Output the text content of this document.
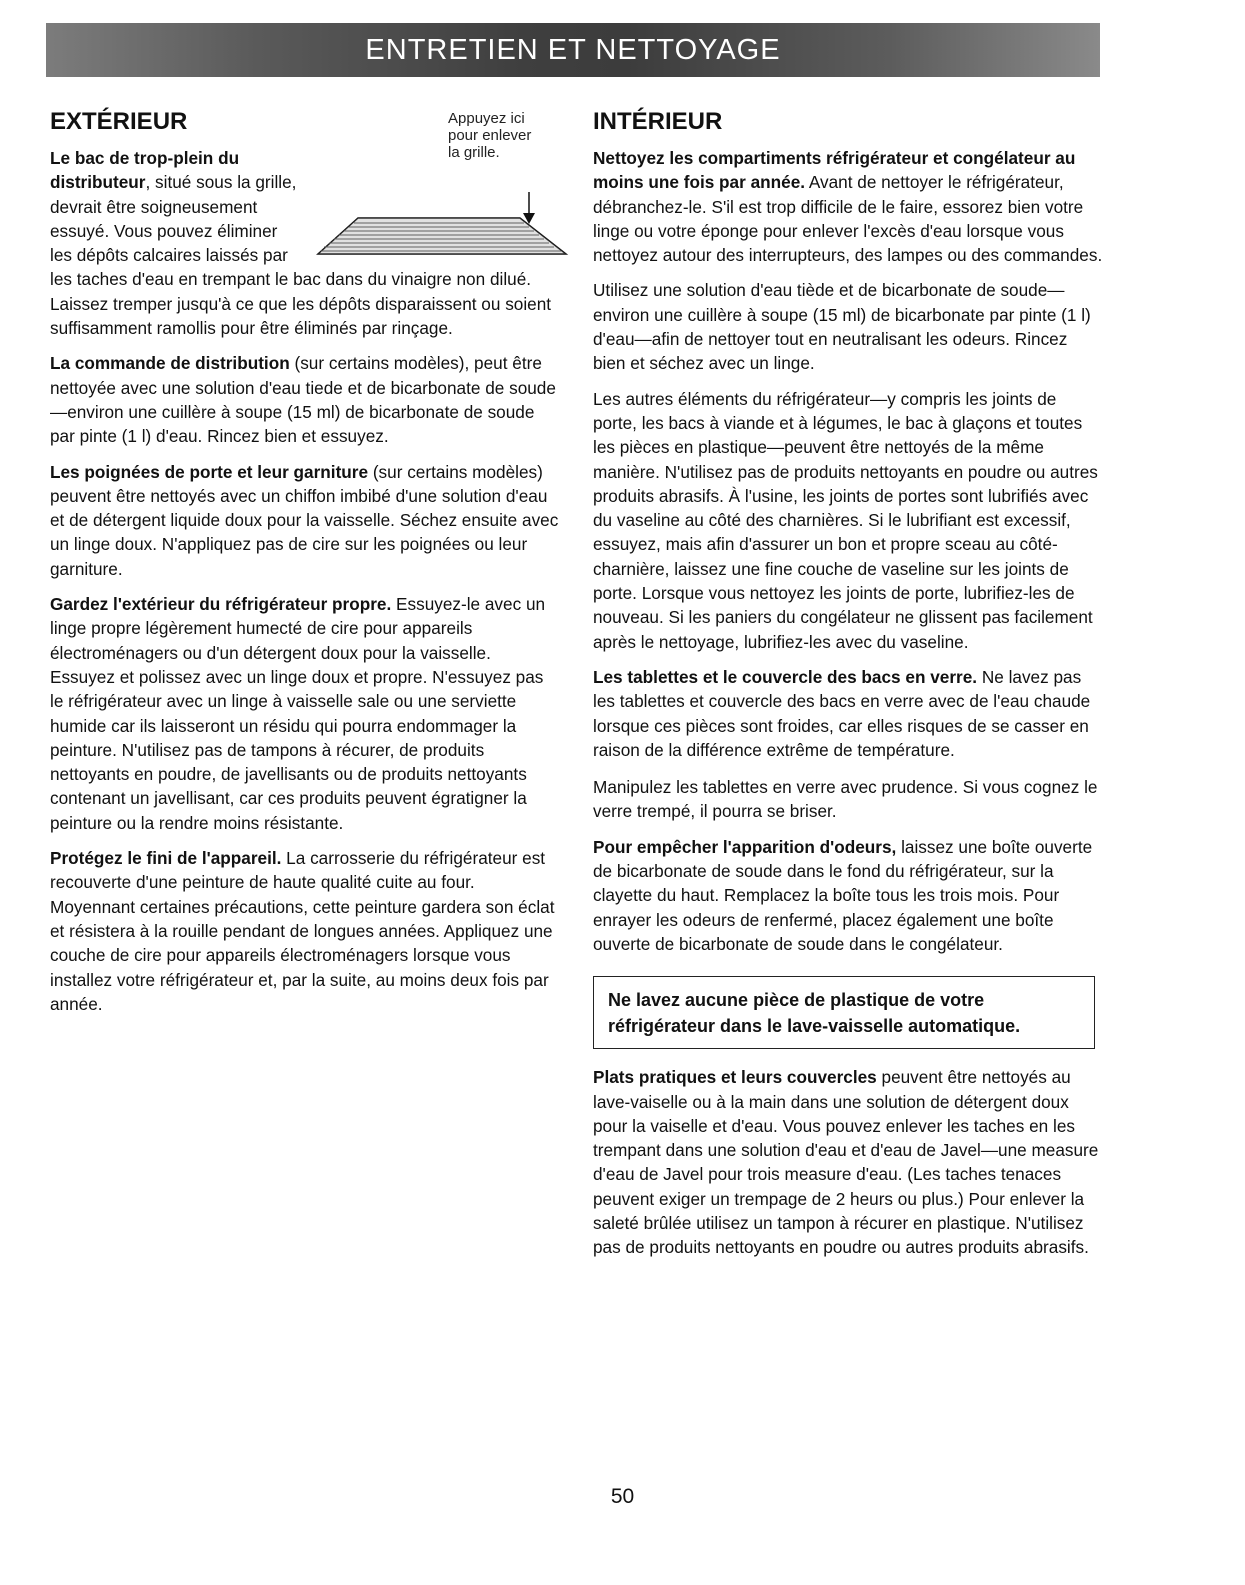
ENTRETIEN ET NETTOYAGE
EXTÉRIEUR	Appuyez ici
pour enlever
la grille.

Le bac de trop-plein du distributeur, situé sous la grille, devrait être soigneusement essuyé. Vous pouvez éliminer les dépôts calcaires laissés par les taches d'eau en trempant le bac dans du vinaigre non dilué. Laissez tremper jusqu'à ce que les dépôts disparaissent ou soient suffisamment ramollis pour être éliminés par rinçage.

La commande de distribution (sur certains modèles), peut être nettoyée avec une solution d'eau tiede et de bicarbonate de soude—environ une cuillère à soupe (15 ml) de bicarbonate de soude par pinte (1 l) d'eau. Rincez bien et essuyez.

Les poignées de porte et leur garniture (sur certains modèles) peuvent être nettoyés avec un chiffon imbibé d'une solution d'eau et de détergent liquide doux pour la vaisselle. Séchez ensuite avec un linge doux. N'appliquez pas de cire sur les poignées ou leur garniture.

Gardez l'extérieur du réfrigérateur propre. Essuyez-le avec un linge propre légèrement humecté de cire pour appareils électroménagers ou d'un détergent doux pour la vaisselle. Essuyez et polissez avec un linge doux et propre. N'essuyez pas le réfrigérateur avec un linge à vaisselle sale ou une serviette humide car ils laisseront un résidu qui pourra endommager la peinture. N'utilisez pas de tampons à récurer, de produits nettoyants en poudre, de javellisants ou de produits nettoyants contenant un javellisant, car ces produits peuvent égratigner la peinture ou la rendre moins résistante.

Protégez le fini de l'appareil. La carrosserie du réfrigérateur est recouverte d'une peinture de haute qualité cuite au four. Moyennant certaines précautions, cette peinture gardera son éclat et résistera à la rouille pendant de longues années. Appliquez une couche de cire pour appareils électroménagers lorsque vous installez votre réfrigérateur et, par la suite, au moins deux fois par année.

INTÉRIEUR

Nettoyez les compartiments réfrigérateur et congélateur au moins une fois par année. Avant de nettoyer le réfrigérateur, débranchez-le. S'il est trop difficile de le faire, essorez bien votre linge ou votre éponge pour enlever l'excès d'eau lorsque vous nettoyez autour des interrupteurs, des lampes ou des commandes.

Utilisez une solution d'eau tiède et de bicarbonate de soude—environ une cuillère à soupe (15 ml) de bicarbonate par pinte (1 l) d'eau—afin de nettoyer tout en neutralisant les odeurs. Rincez bien et séchez avec un linge.

Les autres éléments du réfrigérateur—y compris les joints de porte, les bacs à viande et à légumes, le bac à glaçons et toutes les pièces en plastique—peuvent être nettoyés de la même manière. N'utilisez pas de produits nettoyants en poudre ou autres produits abrasifs. À l'usine, les joints de portes sont lubrifiés avec du vaseline au côté des charnières. Si le lubrifiant est excessif, essuyez, mais afin d'assurer un bon et propre sceau au côté-charnière, laissez une fine couche de vaseline sur les joints de porte. Lorsque vous nettoyez les joints de porte, lubrifiez-les de nouveau. Si les paniers du congélateur ne glissent pas facilement après le nettoyage, lubrifiez-les avec du vaseline.

Les tablettes et le couvercle des bacs en verre. Ne lavez pas les tablettes et couvercle des bacs en verre avec de l'eau chaude lorsque ces pièces sont froides, car elles risques de se casser en raison de la différence extrême de température.

Manipulez les tablettes en verre avec prudence. Si vous cognez le verre trempé, il pourra se briser.

Pour empêcher l'apparition d'odeurs, laissez une boîte ouverte de bicarbonate de soude dans le fond du réfrigérateur, sur la clayette du haut. Remplacez la boîte tous les trois mois. Pour enrayer les odeurs de renfermé, placez également une boîte ouverte de bicarbonate de soude dans le congélateur.

Ne lavez aucune pièce de plastique de votre réfrigérateur dans le lave-vaisselle automatique.

Plats pratiques et leurs couvercles peuvent être nettoyés au lave-vaiselle ou à la main dans une solution de détergent doux pour la vaiselle et d'eau. Vous pouvez enlever les taches en les trempant dans une solution d'eau et d'eau de Javel—une measure d'eau de Javel pour trois measure d'eau. (Les taches tenaces peuvent exiger un trempage de 2 heurs ou plus.) Pour enlever la saleté brûlée utilisez un tampon à récurer en plastique. N'utilisez pas de produits nettoyants en poudre ou autres produits abrasifs.

50
